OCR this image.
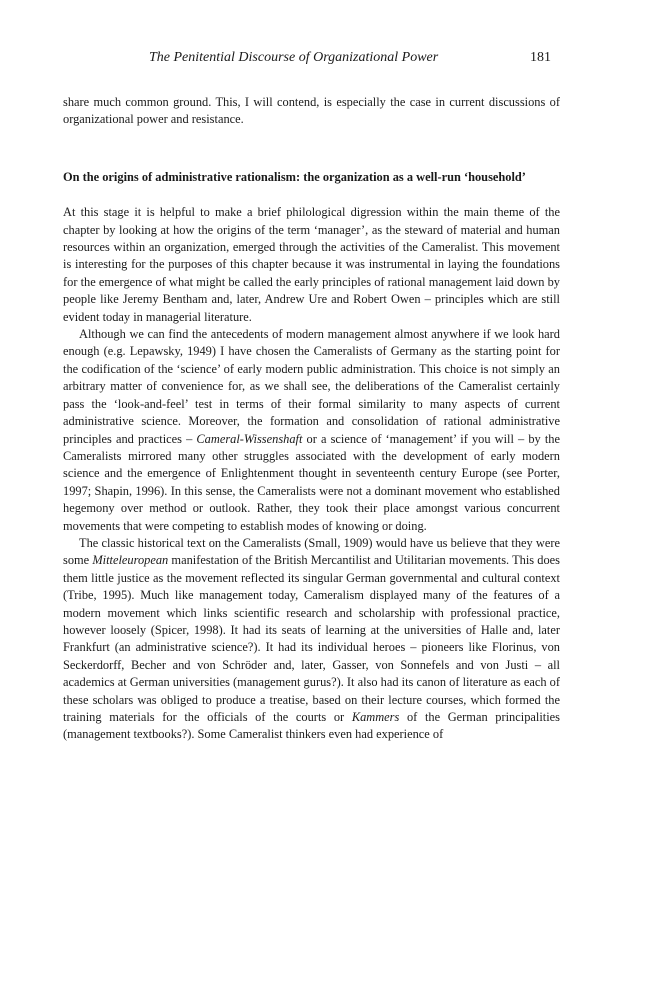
The Penitential Discourse of Organizational Power	181

share much common ground. This, I will contend, is especially the case in current discussions of organizational power and resistance.

On the origins of administrative rationalism: the organization as a well-run ‘household’

At this stage it is helpful to make a brief philological digression within the main theme of the chapter by looking at how the origins of the term ‘manager’, as the steward of material and human resources within an organization, emerged through the activities of the Cameralist. This movement is interesting for the purposes of this chapter because it was instrumental in laying the foundations for the emergence of what might be called the early principles of rational management laid down by people like Jeremy Bentham and, later, Andrew Ure and Robert Owen – principles which are still evident today in managerial literature.

Although we can find the antecedents of modern management almost anywhere if we look hard enough (e.g. Lepawsky, 1949) I have chosen the Cameralists of Germany as the starting point for the codification of the ‘science’ of early modern public administration. This choice is not simply an arbitrary matter of convenience for, as we shall see, the deliberations of the Cameralist certainly pass the ‘look-and-feel’ test in terms of their formal similarity to many aspects of current administrative science. Moreover, the formation and consolidation of rational administrative principles and practices – Cameral-Wissenshaft or a science of ‘management’ if you will – by the Cameralists mirrored many other struggles associated with the development of early modern science and the emergence of Enlightenment thought in seventeenth century Europe (see Porter, 1997; Shapin, 1996). In this sense, the Cameralists were not a dominant movement who established hegemony over method or outlook. Rather, they took their place amongst various concurrent movements that were competing to establish modes of knowing or doing.

The classic historical text on the Cameralists (Small, 1909) would have us believe that they were some Mitteleuropean manifestation of the British Mercantilist and Utilitarian movements. This does them little justice as the movement reflected its singular German governmental and cultural context (Tribe, 1995). Much like management today, Cameralism displayed many of the features of a modern movement which links scientific research and scholarship with professional practice, however loosely (Spicer, 1998). It had its seats of learning at the universities of Halle and, later Frankfurt (an administrative science?). It had its individual heroes – pioneers like Florinus, von Seckerdorff, Becher and von Schröder and, later, Gasser, von Sonnefels and von Justi – all academics at German universities (management gurus?). It also had its canon of literature as each of these scholars was obliged to produce a treatise, based on their lecture courses, which formed the training materials for the officials of the courts or Kammers of the German principalities (management textbooks?). Some Cameralist thinkers even had experience of
